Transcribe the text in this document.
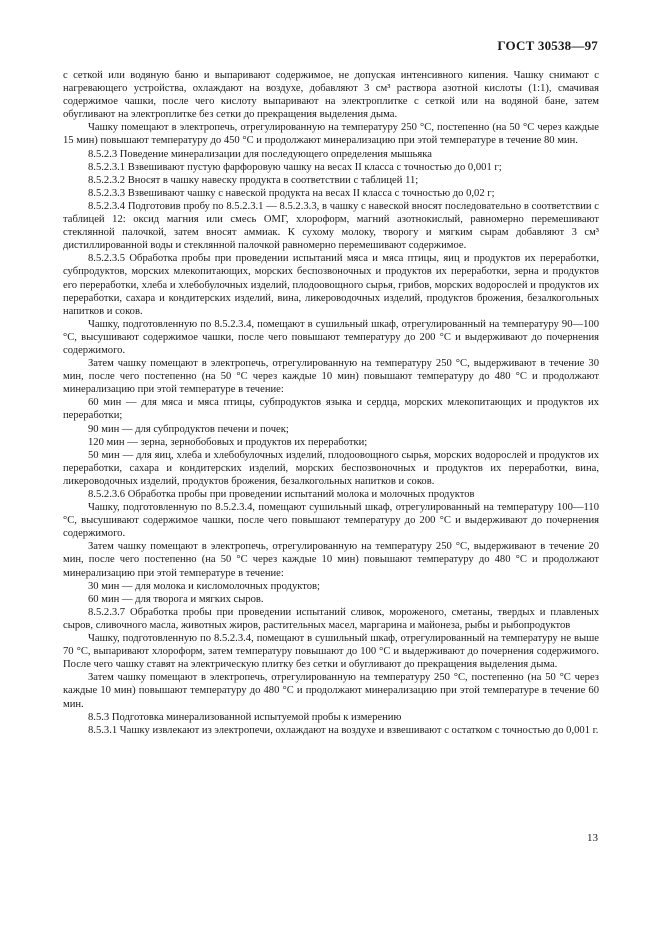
ГОСТ 30538—97

с сеткой или водяную баню и выпаривают содержимое, не допуская интенсивного кипения. Чашку снимают с нагревающего устройства, охлаждают на воздухе, добавляют 3 см³ раствора азотной кислоты (1:1), смачивая содержимое чашки, после чего кислоту выпаривают на электроплитке с сеткой или на водяной бане, затем обугливают на электроплитке без сетки до прекращения выделения дыма.

Чашку помещают в электропечь, отрегулированную на температуру 250 °С, постепенно (на 50 °С через каждые 15 мин) повышают температуру до 450 °С и продолжают минерализацию при этой температуре в течение 80 мин.

8.5.2.3 Поведение минерализации для последующего определения мышьяка

8.5.2.3.1 Взвешивают пустую фарфоровую чашку на весах II класса с точностью до 0,001 г;

8.5.2.3.2 Вносят в чашку навеску продукта в соответствии с таблицей 11;

8.5.2.3.3 Взвешивают чашку с навеской продукта на весах II класса с точностью до 0,02 г;

8.5.2.3.4 Подготовив пробу по 8.5.2.3.1 — 8.5.2.3.3, в чашку с навеской вносят последовательно в соответствии с таблицей 12: оксид магния или смесь ОМГ, хлороформ, магний азотнокислый, равномерно перемешивают стеклянной палочкой, затем вносят аммиак. К сухому молоку, творогу и мягким сырам добавляют 3 см³ дистиллированной воды и стеклянной палочкой равномерно перемешивают содержимое.

8.5.2.3.5 Обработка пробы при проведении испытаний мяса и мяса птицы, яиц и продуктов их переработки, субпродуктов, морских млекопитающих, морских беспозвоночных и продуктов их переработки, зерна и продуктов его переработки, хлеба и хлебобулочных изделий, плодоовощного сырья, грибов, морских водорослей и продуктов их переработки, сахара и кондитерских изделий, вина, ликероводочных изделий, продуктов брожения, безалкогольных напитков и соков.

Чашку, подготовленную по 8.5.2.3.4, помещают в сушильный шкаф, отрегулированный на температуру 90—100 °С, высушивают содержимое чашки, после чего повышают температуру до 200 °С и выдерживают до почернения содержимого.

Затем чашку помещают в электропечь, отрегулированную на температуру 250 °С, выдерживают в течение 30 мин, после чего постепенно (на 50 °С через каждые 10 мин) повышают температуру до 480 °С и продолжают минерализацию при этой температуре в течение:

60 мин — для мяса и мяса птицы, субпродуктов языка и сердца, морских млекопитающих и продуктов их переработки;

90 мин — для субпродуктов печени и почек;

120 мин — зерна, зернобобовых и продуктов их переработки;

50 мин — для яиц, хлеба и хлебобулочных изделий, плодоовощного сырья, морских водорослей и продуктов их переработки, сахара и кондитерских изделий, морских беспозвоночных и продуктов их переработки, вина, ликероводочных изделий, продуктов брожения, безалкогольных напитков и соков.

8.5.2.3.6 Обработка пробы при проведении испытаний молока и молочных продуктов

Чашку, подготовленную по 8.5.2.3.4, помещают сушильный шкаф, отрегулированный на температуру 100—110 °С, высушивают содержимое чашки, после чего повышают температуру до 200 °С и выдерживают до почернения содержимого.

Затем чашку помещают в электропечь, отрегулированную на температуру 250 °С, выдерживают в течение 20 мин, после чего постепенно (на 50 °С через каждые 10 мин) повышают температуру до 480 °С и продолжают минерализацию при этой температуре в течение:

30 мин — для молока и кисломолочных продуктов;

60 мин — для творога и мягких сыров.

8.5.2.3.7 Обработка пробы при проведении испытаний сливок, мороженого, сметаны, твердых и плавленых сыров, сливочного масла, животных жиров, растительных масел, маргарина и майонеза, рыбы и рыбопродуктов

Чашку, подготовленную по 8.5.2.3.4, помещают в сушильный шкаф, отрегулированный на температуру не выше 70 °С, выпаривают хлороформ, затем температуру повышают до 100 °С и выдерживают до почернения содержимого. После чего чашку ставят на электрическую плитку без сетки и обугливают до прекращения выделения дыма.

Затем чашку помещают в электропечь, отрегулированную на температуру 250 °С, постепенно (на 50 °С через каждые 10 мин) повышают температуру до 480 °С и продолжают минерализацию при этой температуре в течение 60 мин.

8.5.3 Подготовка минерализованной испытуемой пробы к измерению

8.5.3.1 Чашку извлекают из электропечи, охлаждают на воздухе и взвешивают с остатком с точностью до 0,001 г.

13
